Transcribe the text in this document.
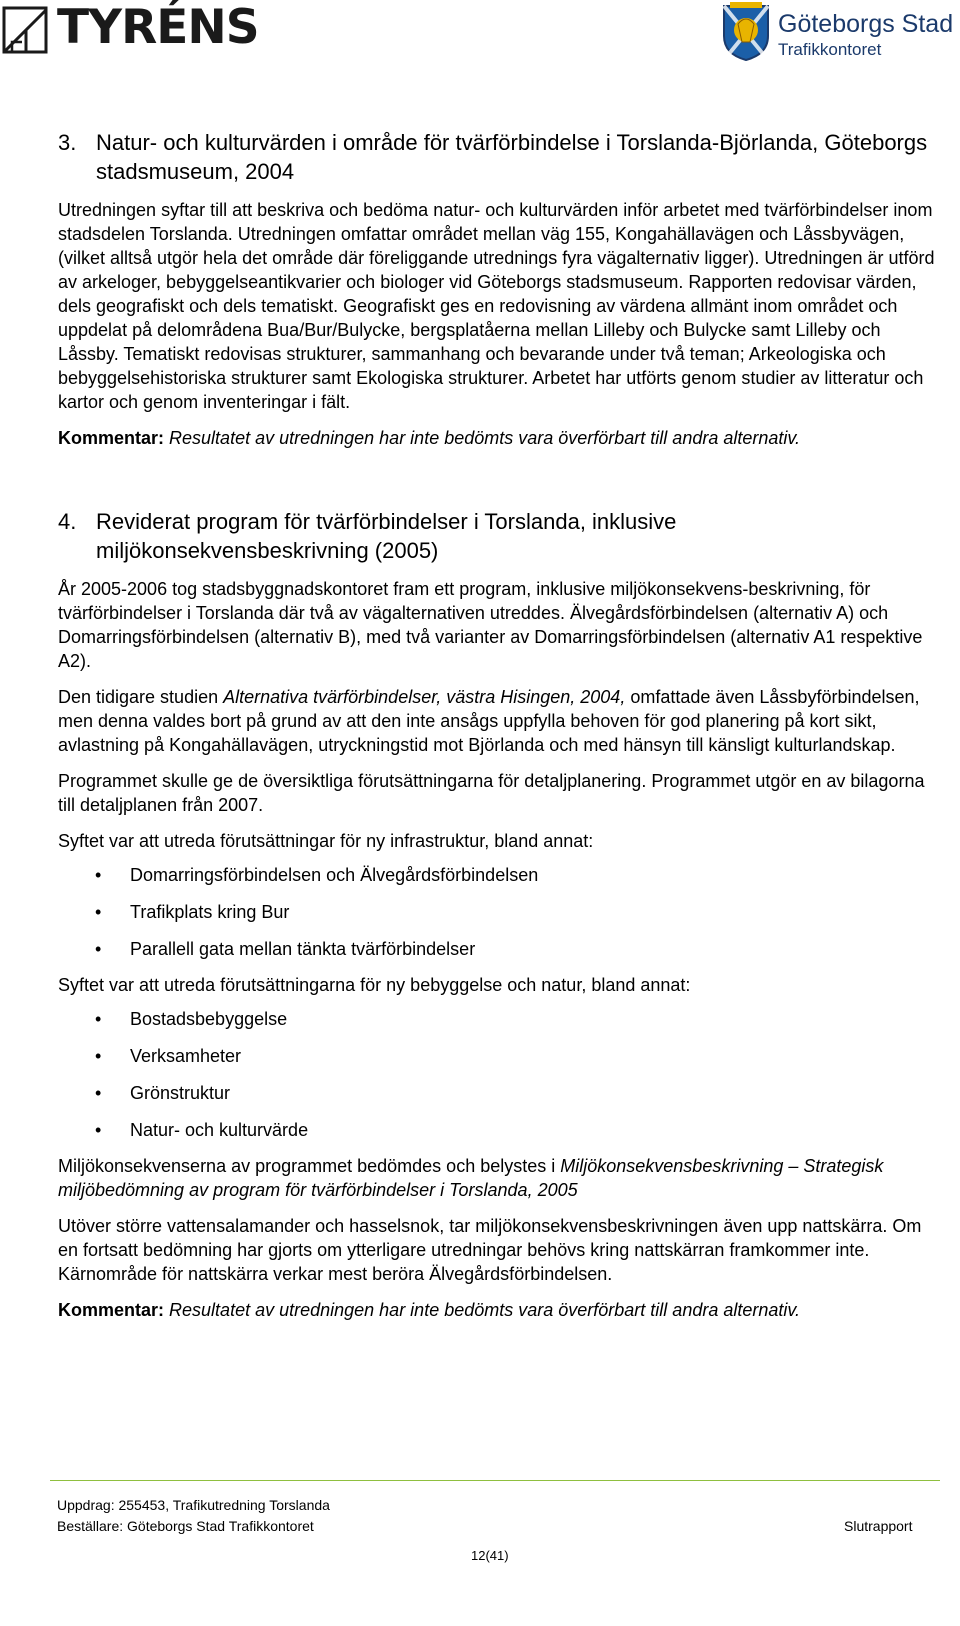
TYRÉNS	Göteborgs Stad
Trafikkontoret
3. Natur- och kulturvärden i område för tvärförbindelse i Torslanda-Björlanda, Göteborgs stadsmuseum, 2004

Utredningen syftar till att beskriva och bedöma natur- och kulturvärden inför arbetet med tvärförbindelser inom stadsdelen Torslanda. Utredningen omfattar området mellan väg 155, Kongahällavägen och Låssbyvägen, (vilket alltså utgör hela det område där föreliggande utrednings fyra vägalternativ ligger). Utredningen är utförd av arkeloger, bebyggelseantikvarier och biologer vid Göteborgs stadsmuseum. Rapporten redovisar värden, dels geografiskt och dels tematiskt. Geografiskt ges en redovisning av värdena allmänt inom området och uppdelat på delområdena Bua/Bur/Bulycke, bergsplatåerna mellan Lilleby och Bulycke samt Lilleby och Låssby. Tematiskt redovisas strukturer, sammanhang och bevarande under två teman; Arkeologiska och bebyggelsehistoriska strukturer samt Ekologiska strukturer. Arbetet har utförts genom studier av litteratur och kartor och genom inventeringar i fält.

Kommentar: Resultatet av utredningen har inte bedömts vara överförbart till andra alternativ.

4. Reviderat program för tvärförbindelser i Torslanda, inklusive miljökonsekvensbeskrivning (2005)

År 2005-2006 tog stadsbyggnadskontoret fram ett program, inklusive miljökonsekvens-beskrivning, för tvärförbindelser i Torslanda där två av vägalternativen utreddes. Älvegårdsförbindelsen (alternativ A) och Domarringsförbindelsen (alternativ B), med två varianter av Domarringsförbindelsen (alternativ A1 respektive A2).

Den tidigare studien Alternativa tvärförbindelser, västra Hisingen, 2004, omfattade även Låssbyförbindelsen, men denna valdes bort på grund av att den inte ansågs uppfylla behoven för god planering på kort sikt, avlastning på Kongahällavägen, utryckningstid mot Björlanda och med hänsyn till känsligt kulturlandskap.

Programmet skulle ge de översiktliga förutsättningarna för detaljplanering. Programmet utgör en av bilagorna till detaljplanen från 2007.

Syftet var att utreda förutsättningar för ny infrastruktur, bland annat:

• Domarringsförbindelsen och Älvegårdsförbindelsen
• Trafikplats kring Bur
• Parallell gata mellan tänkta tvärförbindelser

Syftet var att utreda förutsättningarna för ny bebyggelse och natur, bland annat:

• Bostadsbebyggelse
• Verksamheter
• Grönstruktur
• Natur- och kulturvärde

Miljökonsekvenserna av programmet bedömdes och belystes i Miljökonsekvensbeskrivning – Strategisk miljöbedömning av program för tvärförbindelser i Torslanda, 2005

Utöver större vattensalamander och hasselsnok, tar miljökonsekvensbeskrivningen även upp nattskärra. Om en fortsatt bedömning har gjorts om ytterligare utredningar behövs kring nattskärran framkommer inte. Kärnområde för nattskärra verkar mest beröra Älvegårdsförbindelsen.

Kommentar: Resultatet av utredningen har inte bedömts vara överförbart till andra alternativ.

Uppdrag: 255453, Trafikutredning Torslanda
Beställare: Göteborgs Stad Trafikkontoret	Slutrapport
12(41)
